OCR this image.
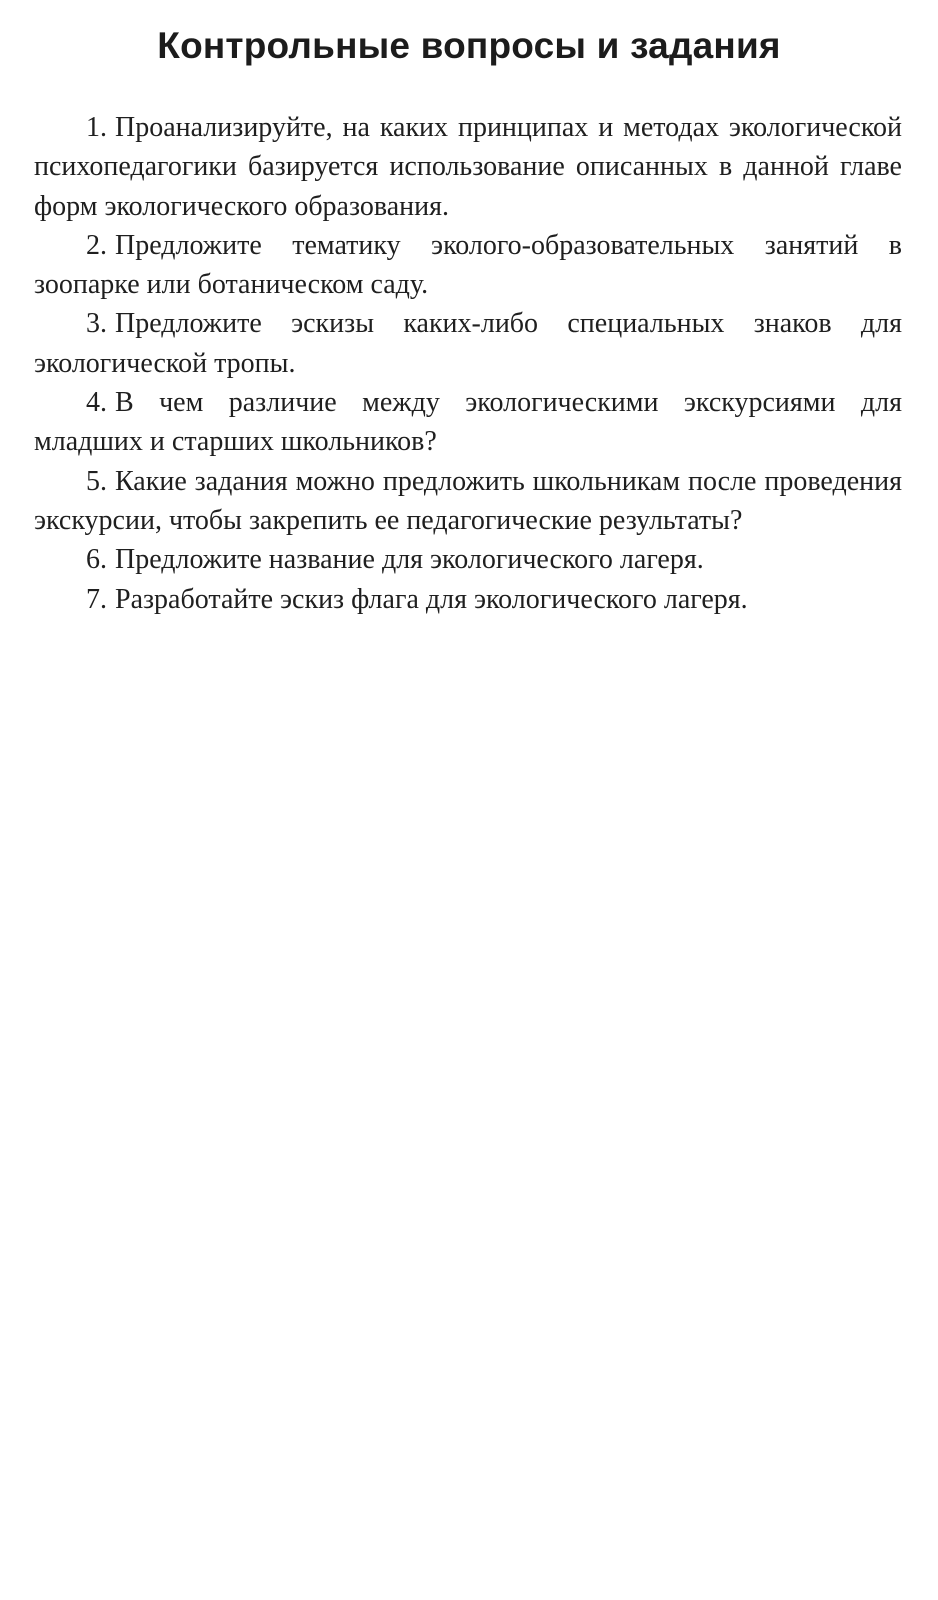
Контрольные вопросы и задания
1. Проанализируйте, на каких принципах и методах экологической психопедагогики базируется использование описанных в данной главе форм экологического образования.
2. Предложите тематику эколого-образовательных занятий в зоопарке или ботаническом саду.
3. Предложите эскизы каких-либо специальных знаков для экологической тропы.
4. В чем различие между экологическими экскурсиями для младших и старших школьников?
5. Какие задания можно предложить школьникам после проведения экскурсии, чтобы закрепить ее педагогические результаты?
6. Предложите название для экологического лагеря.
7. Разработайте эскиз флага для экологического лагеря.
